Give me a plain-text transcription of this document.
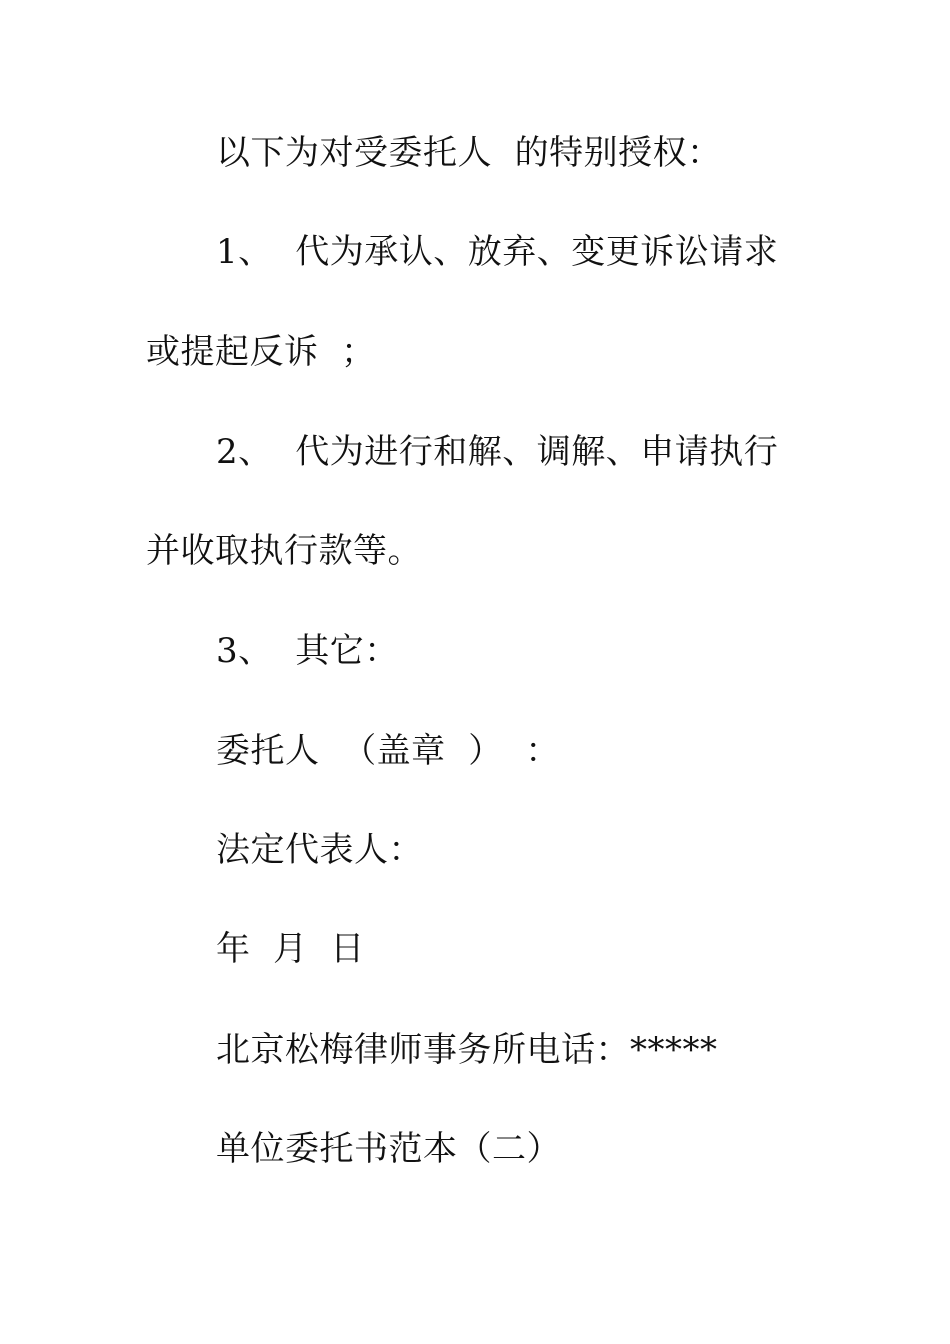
以下为对受委托人  的特别授权：
1、  代为承认、放弃、变更诉讼请求
或提起反诉  ；
2、  代为进行和解、调解、申请执行
并收取执行款等。
3、  其它：
委托人  （盖章  ）  ：
法定代表人：
年  月  日
北京松梅律师事务所电话：*****
单位委托书范本（二）
